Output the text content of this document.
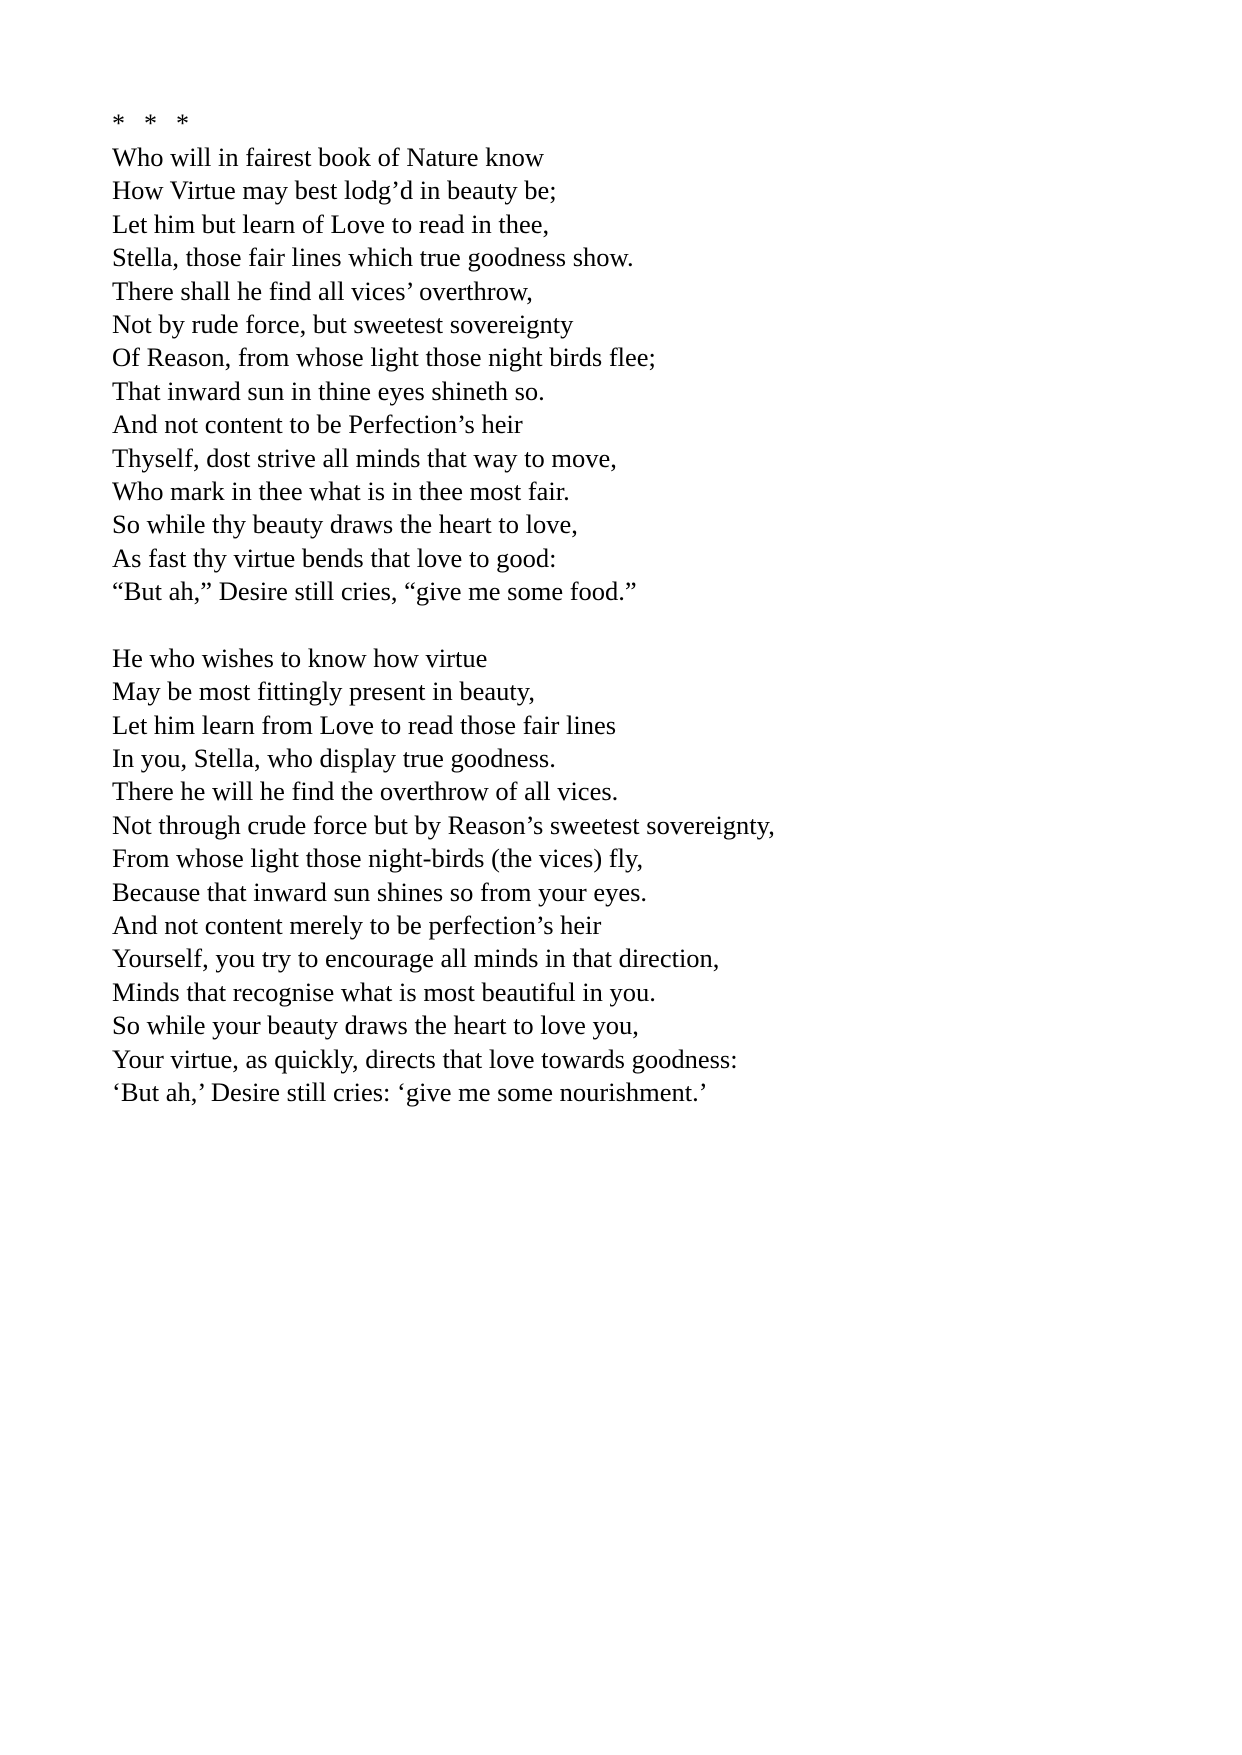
*  *  *
Who will in fairest book of Nature know
How Virtue may best lodg’d in beauty be;
Let him but learn of Love to read in thee,
Stella, those fair lines which true goodness show.
There shall he find all vices’ overthrow,
Not by rude force, but sweetest sovereignty
Of Reason, from whose light those night birds flee;
That inward sun in thine eyes shineth so.
And not content to be Perfection’s heir
Thyself, dost strive all minds that way to move,
Who mark in thee what is in thee most fair.
So while thy beauty draws the heart to love,
As fast thy virtue bends that love to good:
“But ah,” Desire still cries, “give me some food.”
He who wishes to know how virtue
May be most fittingly present in beauty,
Let him learn from Love to read those fair lines
In you, Stella, who display true goodness.
There he will he find the overthrow of all vices.
Not through crude force but by Reason’s sweetest sovereignty,
From whose light those night-birds (the vices) fly,
Because that inward sun shines so from your eyes.
And not content merely to be perfection’s heir
Yourself, you try to encourage all minds in that direction,
Minds that recognise what is most beautiful in you.
So while your beauty draws the heart to love you,
Your virtue, as quickly, directs that love towards goodness:
‘But ah,’ Desire still cries: ‘give me some nourishment.’
